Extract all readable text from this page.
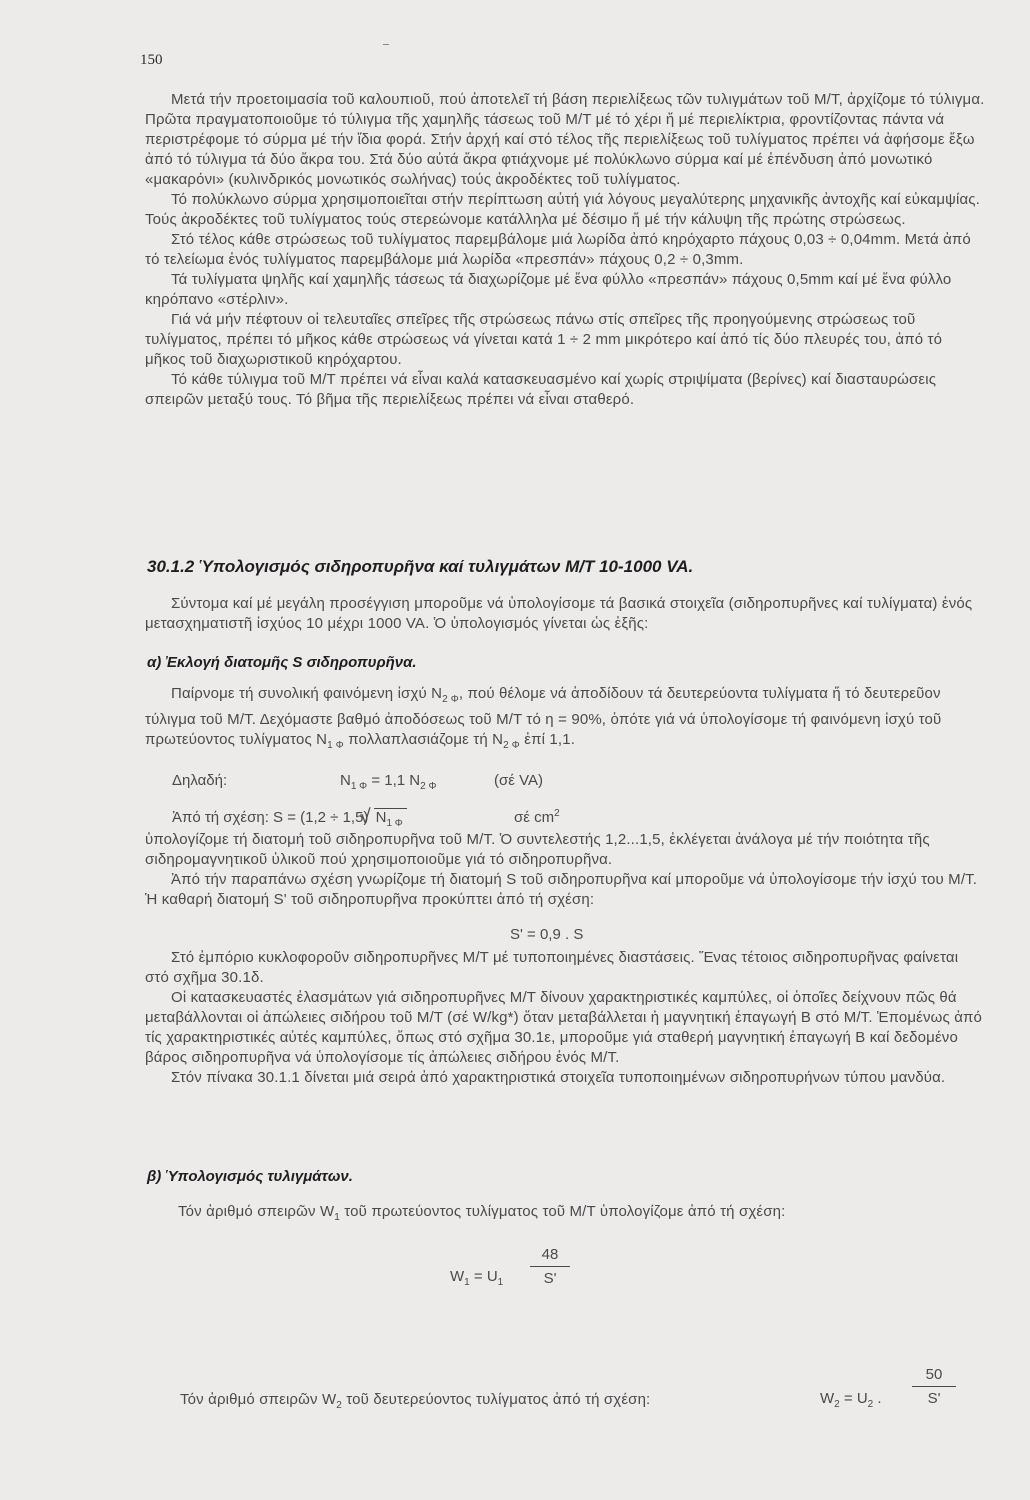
150

Μετά τήν προετοιμασία τοῦ καλουπιοῦ, πού ἀποτελεῖ τή βάση περιελίξεως τῶν τυλιγμάτων τοῦ Μ/Τ, ἀρχίζομε τό τύλιγμα. Πρῶτα πραγματοποιοῦμε τό τύλιγμα τῆς χαμηλῆς τάσεως τοῦ Μ/Τ μέ τό χέρι ἤ μέ περιελίκτρια, φροντίζοντας πάντα νά περιστρέφομε τό σύρμα μέ τήν ἴδια φορά. Στήν ἀρχή καί στό τέλος τῆς περιελίξεως τοῦ τυλίγματος πρέπει νά ἀφήσομε ἔξω ἀπό τό τύλιγμα τά δύο ἄκρα του. Στά δύο αὐτά ἄκρα φτιάχνομε μέ πολύκλωνο σύρμα καί μέ ἐπένδυση ἀπό μονωτικό «μακαρόνι» (κυλινδρικός μονωτικός σωλήνας) τούς ἀκροδέκτες τοῦ τυλίγματος.

Τό πολύκλωνο σύρμα χρησιμοποιεῖται στήν περίπτωση αὐτή γιά λόγους μεγαλύτερης μηχανικῆς ἀντοχῆς καί εὐκαμψίας. Τούς ἀκροδέκτες τοῦ τυλίγματος τούς στερεώνομε κατάλληλα μέ δέσιμο ἤ μέ τήν κάλυψη τῆς πρώτης στρώσεως.

Στό τέλος κάθε στρώσεως τοῦ τυλίγματος παρεμβάλομε μιά λωρίδα ἀπό κηρόχαρτο πάχους 0,03 ÷ 0,04mm. Μετά ἀπό τό τελείωμα ἑνός τυλίγματος παρεμβάλομε μιά λωρίδα «πρεσπάν» πάχους 0,2 ÷ 0,3mm.

Τά τυλίγματα ψηλῆς καί χαμηλῆς τάσεως τά διαχωρίζομε μέ ἕνα φύλλο «πρεσπάν» πάχους 0,5mm καί μέ ἕνα φύλλο κηρόπανο «στέρλιν».

Γιά νά μήν πέφτουν οἱ τελευταῖες σπεῖρες τῆς στρώσεως πάνω στίς σπεῖρες τῆς προηγούμενης στρώσεως τοῦ τυλίγματος, πρέπει τό μῆκος κάθε στρώσεως νά γίνεται κατά 1 ÷ 2 mm μικρότερο καί ἀπό τίς δύο πλευρές του, ἀπό τό μῆκος τοῦ διαχωριστικοῦ κηρόχαρτου.

Τό κάθε τύλιγμα τοῦ Μ/Τ πρέπει νά εἶναι καλά κατασκευασμένο καί χωρίς στριψίματα (βερίνες) καί διασταυρώσεις σπειρῶν μεταξύ τους. Τό βῆμα τῆς περιελίξεως πρέπει νά εἶναι σταθερό.

30.1.2 Ὑπολογισμός σιδηροπυρῆνα καί τυλιγμάτων Μ/Τ 10-1000 VA.

Σύντομα καί μέ μεγάλη προσέγγιση μποροῦμε νά ὑπολογίσομε τά βασικά στοιχεῖα (σιδηροπυρῆνες καί τυλίγματα) ἑνός μετασχηματιστῆ ἰσχύος 10 μέχρι 1000 VA. Ὁ ὑπολογισμός γίνεται ὡς ἑξῆς:

α) Ἐκλογή διατομῆς S σιδηροπυρῆνα.

Παίρνομε τή συνολική φαινόμενη ἰσχύ $N_{2 \Phi}$, πού θέλομε νά ἀποδίδουν τά δευτερεύοντα τυλίγματα ἤ τό δευτερεῦον τύλιγμα τοῦ Μ/Τ. Δεχόμαστε βαθμό ἀποδόσεως τοῦ Μ/Τ τό η = 90%, ὁπότε γιά νά ὑπολογίσομε τή φαινόμενη ἰσχύ τοῦ πρωτεύοντος τυλίγματος $N_{1 \Phi}$ πολλαπλασιάζομε τή $N_{2 \Phi}$ ἐπί 1,1.

Δηλαδή:	$N_{1 \Phi} = 1,1$ $N_{2 \Phi}$	(σέ VA)
Ἀπό τή σχέση: S = (1,2 ÷ 1,5) √ $N_{1 \Phi}$	σέ $cm^2$

ὑπολογίζομε τή διατομή τοῦ σιδηροπυρῆνα τοῦ Μ/Τ. Ὁ συντελεστής 1,2...1,5, ἐκλέγεται ἀνάλογα μέ τήν ποιότητα τῆς σιδηρομαγνητικοῦ ὑλικοῦ πού χρησιμοποιοῦμε γιά τό σιδηροπυρῆνα.

Ἀπό τήν παραπάνω σχέση γνωρίζομε τή διατομή S τοῦ σιδηροπυρῆνα καί μποροῦμε νά ὑπολογίσομε τήν ἰσχύ του Μ/Τ. Ἡ καθαρή διατομή S' τοῦ σιδηροπυρῆνα προκύπτει ἀπό τή σχέση:

S' = 0,9 . S

Στό ἐμπόριο κυκλοφοροῦν σιδηροπυρῆνες Μ/Τ μέ τυποποιημένες διαστάσεις. Ἕνας τέτοιος σιδηροπυρῆνας φαίνεται στό σχῆμα 30.1δ.

Οἱ κατασκευαστές ἐλασμάτων γιά σιδηροπυρῆνες Μ/Τ δίνουν χαρακτηριστικές καμπύλες, οἱ ὁποῖες δείχνουν πῶς θά μεταβάλλονται οἱ ἀπώλειες σιδήρου τοῦ Μ/Τ (σέ W/kg*) ὅταν μεταβάλλεται ἡ μαγνητική ἐπαγωγή Β στό Μ/Τ. Ἑπομένως ἀπό τίς χαρακτηριστικές αὐτές καμπύλες, ὅπως στό σχῆμα 30.1ε, μποροῦμε γιά σταθερή μαγνητική ἐπαγωγή Β καί δεδομένο βάρος σιδηροπυρῆνα νά ὑπολογίσομε τίς ἀπώλειες σιδήρου ἑνός Μ/Τ.

Στόν πίνακα 30.1.1 δίνεται μιά σειρά ἀπό χαρακτηριστικά στοιχεῖα τυποποιημένων σιδηροπυρήνων τύπου μανδύα.

β) Ὑπολογισμός τυλιγμάτων.

Τόν ἀριθμό σπειρῶν $W_1$ τοῦ πρωτεύοντος τυλίγματος τοῦ Μ/Τ ὑπολογίζομε ἀπό τή σχέση:

$W_1 = U_1$
48
S'

Τόν ἀριθμό σπειρῶν $W_2$ τοῦ δευτερεύοντος τυλίγματος ἀπό τή σχέση:	$W_2 = U_2$ .
50
S'
